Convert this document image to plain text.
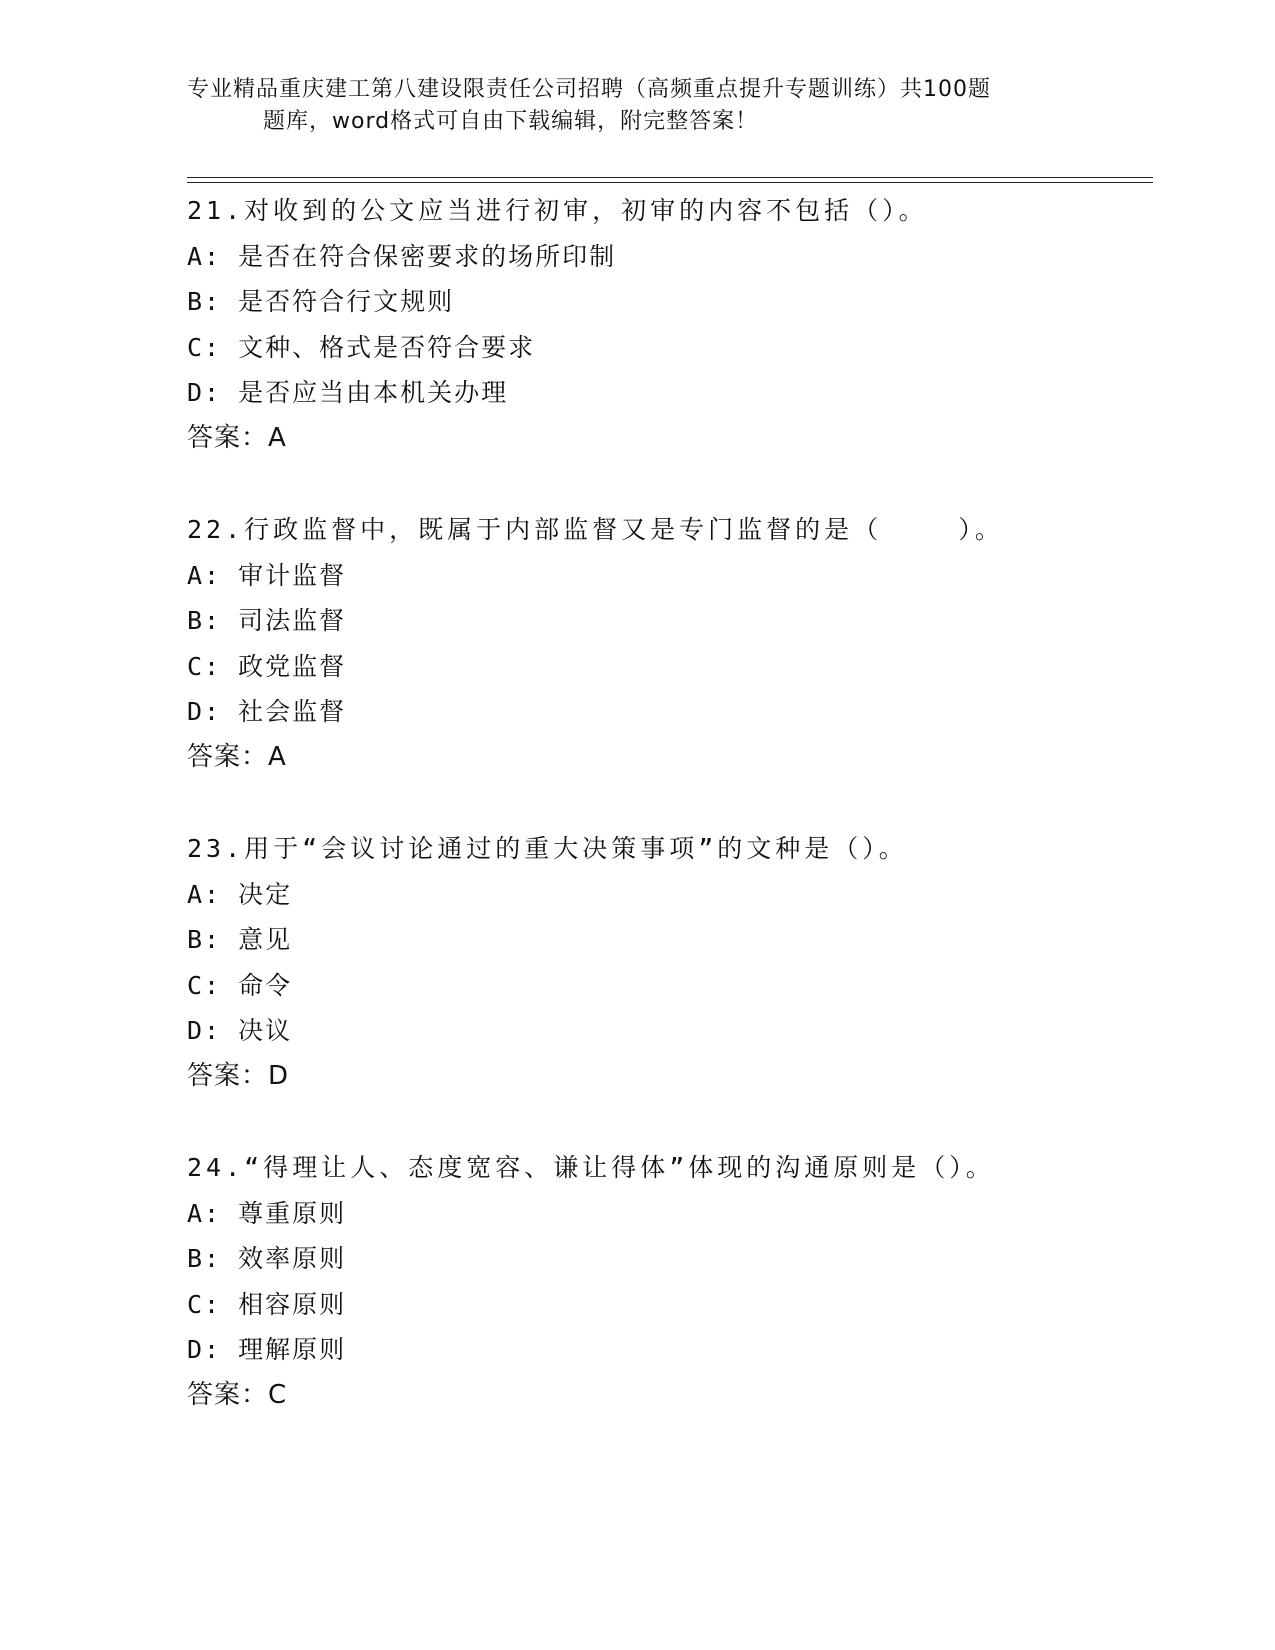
专业精品重庆建工第八建设限责任公司招聘（高频重点提升专题训练）共100题
题库，word格式可自由下载编辑，附完整答案！
21.对收到的公文应当进行初审，初审的内容不包括（）。
A: 是否在符合保密要求的场所印制
B: 是否符合行文规则
C: 文种、格式是否符合要求
D: 是否应当由本机关办理
答案：A
22.行政监督中，既属于内部监督又是专门监督的是（    ）。
A: 审计监督
B: 司法监督
C: 政党监督
D: 社会监督
答案：A
23.用于“会议讨论通过的重大决策事项”的文种是（）。
A: 决定
B: 意见
C: 命令
D: 决议
答案：D
24.“得理让人、态度宽容、谦让得体”体现的沟通原则是（）。
A: 尊重原则
B: 效率原则
C: 相容原则
D: 理解原则
答案：C
